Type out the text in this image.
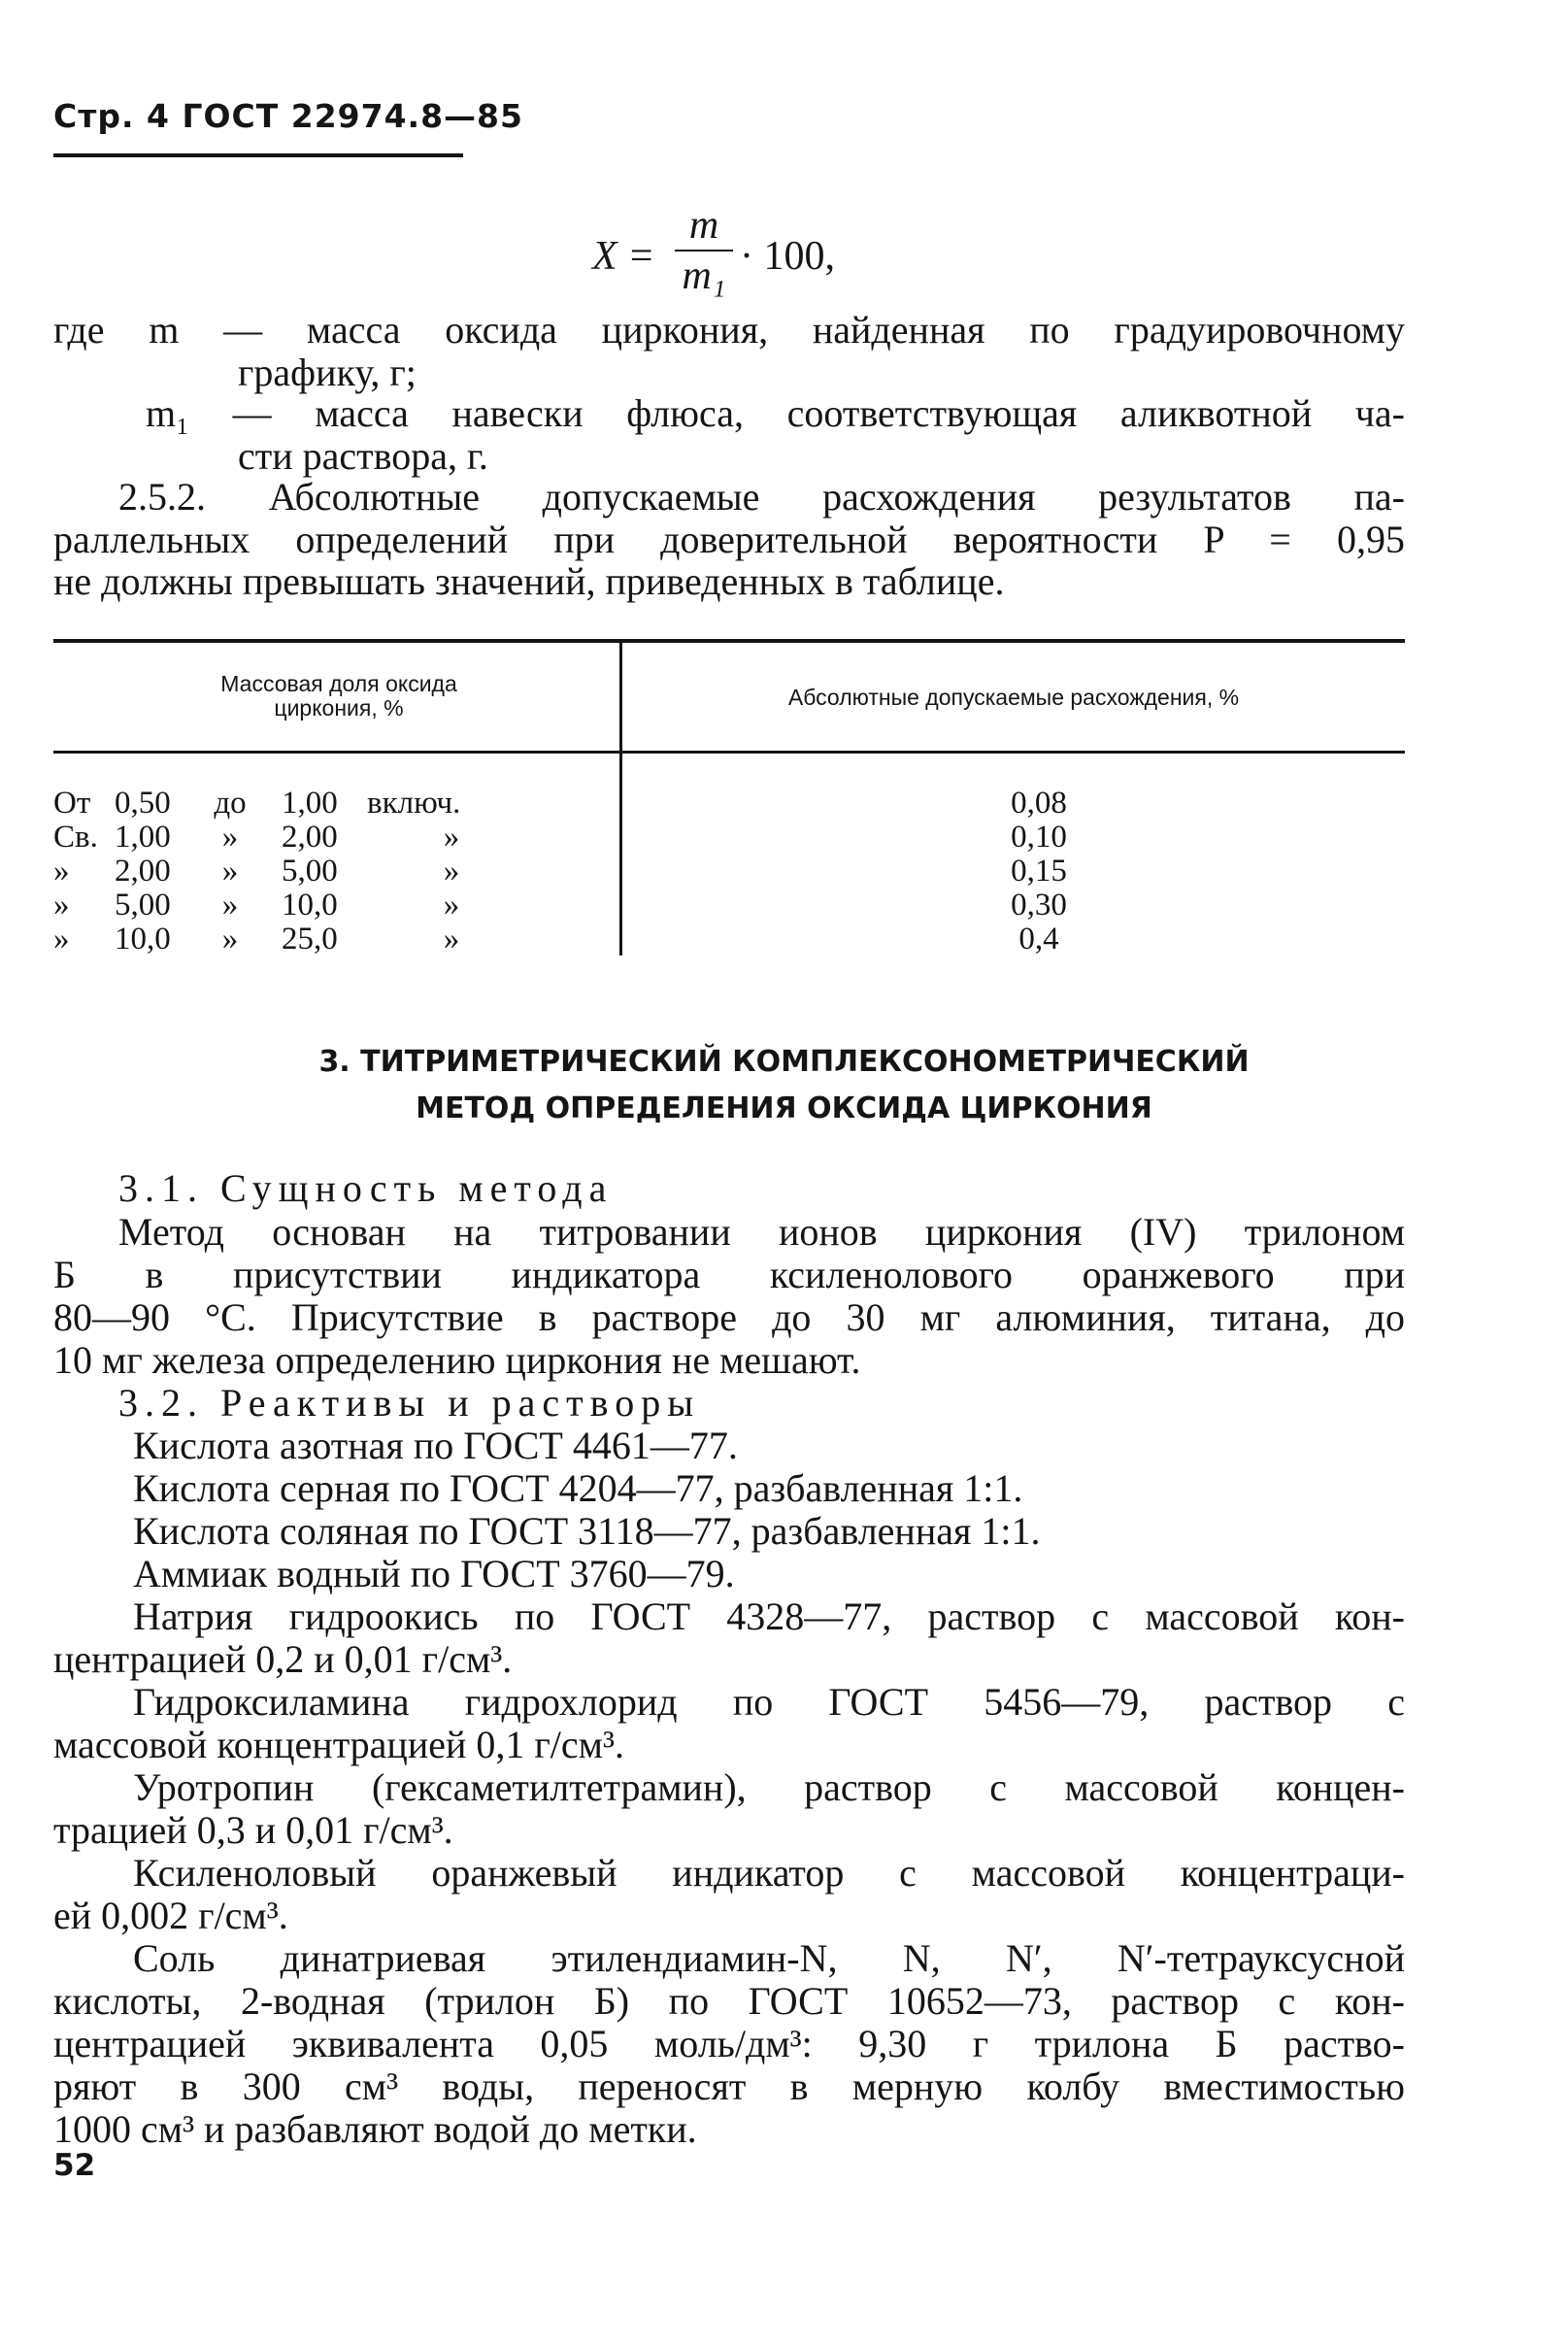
Стр. 4 ГОСТ 22974.8—85
X =
m
m₁ · 100,
где m — масса оксида циркония, найденная по градуировочному
графику, г;
m₁ — масса навески флюса, соответствующая аликвотной ча-
сти раствора, г.
2.5.2. Абсолютные допускаемые расхождения результатов па-
раллельных определений при доверительной вероятности P = 0,95
не должны превышать значений, приведенных в таблице.
Массовая доля оксида
циркония, %	Абсолютные допускаемые расхождения, %
От 0,50	до 1,00 включ.	0,08
Св. 1,00	»	2,00	»	0,10
»	2,00	»	5,00	»	0,15
»	5,00	»	10,0	»	0,30
»	10,0	»	25,0	»	0,4
3. ТИТРИМЕТРИЧЕСКИЙ КОМПЛЕКСОНОМЕТРИЧЕСКИЙ
МЕТОД ОПРЕДЕЛЕНИЯ ОКСИДА ЦИРКОНИЯ
3.1. Сущность метода
Метод основан на титровании ионов циркония (IV) трилоном
Б в присутствии индикатора ксиленолового оранжевого при
80—90 °С. Присутствие в растворе до 30 мг алюминия, титана, до
10 мг железа определению циркония не мешают.
3.2. Реактивы и растворы
Кислота азотная по ГОСТ 4461—77.
Кислота серная по ГОСТ 4204—77, разбавленная 1:1.
Кислота соляная по ГОСТ 3118—77, разбавленная 1:1.
Аммиак водный по ГОСТ 3760—79.
Натрия гидроокись по ГОСТ 4328—77, раствор с массовой кон-
центрацией 0,2 и 0,01 г/см³.
Гидроксиламина гидрохлорид по ГОСТ 5456—79, раствор с
массовой концентрацией 0,1 г/см³.
Уротропин (гексаметилтетрамин), раствор с массовой концен-
трацией 0,3 и 0,01 г/см³.
Ксиленоловый оранжевый индикатор с массовой концентраци-
ей 0,002 г/см³.
Соль динатриевая этилендиамин-N, N, N′, N′-тетрауксусной
кислоты, 2-водная (трилон Б) по ГОСТ 10652—73, раствор с кон-
центрацией эквивалента 0,05 моль/дм³: 9,30 г трилона Б раство-
ряют в 300 см³ воды, переносят в мерную колбу вместимостью
1000 см³ и разбавляют водой до метки.
52
